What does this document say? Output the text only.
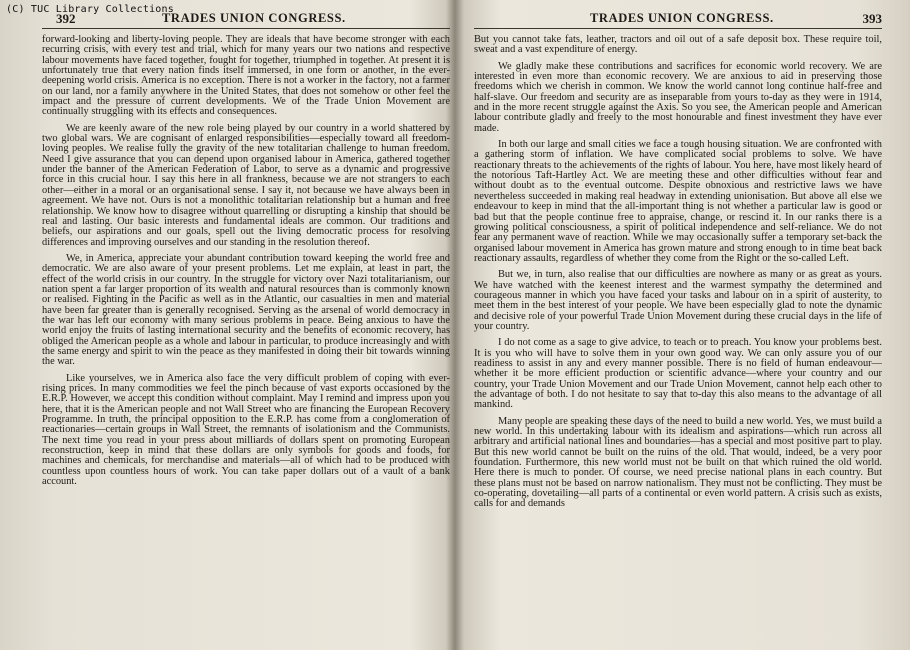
(C) TUC Library Collections
392	TRADES UNION CONGRESS.

forward-looking and liberty-loving people. They are ideals that have become stronger with each recurring crisis, with every test and trial, which for many years our two nations and respective labour movements have faced together, fought for together, triumphed in together. At present it is unfortunately true that every nation finds itself immersed, in one form or another, in the ever-deepening world crisis. America is no exception. There is not a worker in the factory, not a farmer on our land, nor a family anywhere in the United States, that does not somehow or other feel the impact and the pressure of current developments. We of the Trade Union Movement are continually struggling with its effects and consequences.

We are keenly aware of the new role being played by our country in a world shattered by two global wars. We are cognisant of enlarged responsibilities—especially toward all freedom-loving peoples. We realise fully the gravity of the new totalitarian challenge to human freedom. Need I give assurance that you can depend upon organised labour in America, gathered together under the banner of the American Federation of Labor, to serve as a dynamic and progressive force in this crucial hour. I say this here in all frankness, because we are not strangers to each other—either in a moral or an organisational sense. I say it, not because we have always been in agreement. We have not. Ours is not a monolithic totalitarian relationship but a human and free relationship. We know how to disagree without quarrelling or disrupting a kinship that should be real and lasting. Our basic interests and fundamental ideals are common. Our traditions and beliefs, our aspirations and our goals, spell out the living democratic process for resolving differences and improving ourselves and our standing in the resolution thereof.

We, in America, appreciate your abundant contribution toward keeping the world free and democratic. We are also aware of your present problems. Let me explain, at least in part, the effect of the world crisis in our country. In the struggle for victory over Nazi totalitarianism, our nation spent a far larger proportion of its wealth and natural resources than is commonly known or realised. Fighting in the Pacific as well as in the Atlantic, our casualties in men and material have been far greater than is generally recognised. Serving as the arsenal of world democracy in the war has left our economy with many serious problems in peace. Being anxious to have the world enjoy the fruits of lasting international security and the benefits of economic recovery, has obliged the American people as a whole and labour in particular, to produce increasingly and with the same energy and spirit to win the peace as they manifested in doing their bit towards winning the war.

Like yourselves, we in America also face the very difficult problem of coping with ever-rising prices. In many commodities we feel the pinch because of vast exports occasioned by the E.R.P. However, we accept this condition without complaint. May I remind and impress upon you here, that it is the American people and not Wall Street who are financing the European Recovery Programme. In truth, the principal opposition to the E.R.P. has come from a conglomeration of reactionaries—certain groups in Wall Street, the remnants of isolationism and the Communists. The next time you read in your press about milliards of dollars spent on promoting European reconstruction, keep in mind that these dollars are only symbols for goods and foods, for machines and chemicals, for merchandise and materials—all of which had to be produced with countless upon countless hours of work. You can take paper dollars out of a vault of a bank account.

TRADES UNION CONGRESS.	393

But you cannot take fats, leather, tractors and oil out of a safe deposit box. These require toil, sweat and a vast expenditure of energy.

We gladly make these contributions and sacrifices for economic world recovery. We are interested in even more than economic recovery. We are anxious to aid in preserving those freedoms which we cherish in common. We know the world cannot long continue half-free and half-slave. Our freedom and security are as inseparable from yours to-day as they were in 1914, and in the more recent struggle against the Axis. So you see, the American people and American labour contribute gladly and freely to the most honourable and finest investment they have ever made.

In both our large and small cities we face a tough housing situation. We are confronted with a gathering storm of inflation. We have complicated social problems to solve. We have reactionary threats to the achievements of the rights of labour. You here, have most likely heard of the notorious Taft-Hartley Act. We are meeting these and other difficulties without fear and without doubt as to the eventual outcome. Despite obnoxious and restrictive laws we have nevertheless succeeded in making real headway in extending unionisation. But above all else we endeavour to keep in mind that the all-important thing is not whether a particular law is good or bad but that the people continue free to appraise, change, or rescind it. In our ranks there is a growing political consciousness, a spirit of political independence and self-reliance. We do not fear any permanent wave of reaction. While we may occasionally suffer a temporary set-back the organised labour movement in America has grown mature and strong enough to in time beat back reactionary assaults, regardless of whether they come from the Right or the so-called Left.

But we, in turn, also realise that our difficulties are nowhere as many or as great as yours. We have watched with the keenest interest and the warmest sympathy the determined and courageous manner in which you have faced your tasks and labour on in a spirit of austerity, to meet them in the best interest of your people. We have been especially glad to note the dynamic and decisive role of your powerful Trade Union Movement during these crucial days in the life of your country.

I do not come as a sage to give advice, to teach or to preach. You know your problems best. It is you who will have to solve them in your own good way. We can only assure you of our readiness to assist in any and every manner possible. There is no field of human endeavour—whether it be more efficient production or scientific advance—where your country and our country, your Trade Union Movement and our Trade Union Movement, cannot help each other to the advantage of both. I do not hesitate to say that to-day this also means to the advantage of all mankind.

Many people are speaking these days of the need to build a new world. Yes, we must build a new world. In this undertaking labour with its idealism and aspirations—which run across all arbitrary and artificial national lines and boundaries—has a special and most positive part to play. But this new world cannot be built on the ruins of the old. That would, indeed, be a very poor foundation. Furthermore, this new world must not be built on that which ruined the old world. Here there is much to ponder. Of course, we need precise national plans in each country. But these plans must not be based on narrow nationalism. They must not be conflicting. They must be co-operating, dovetailing—all parts of a continental or even world pattern. A crisis such as exists, calls for and demands
